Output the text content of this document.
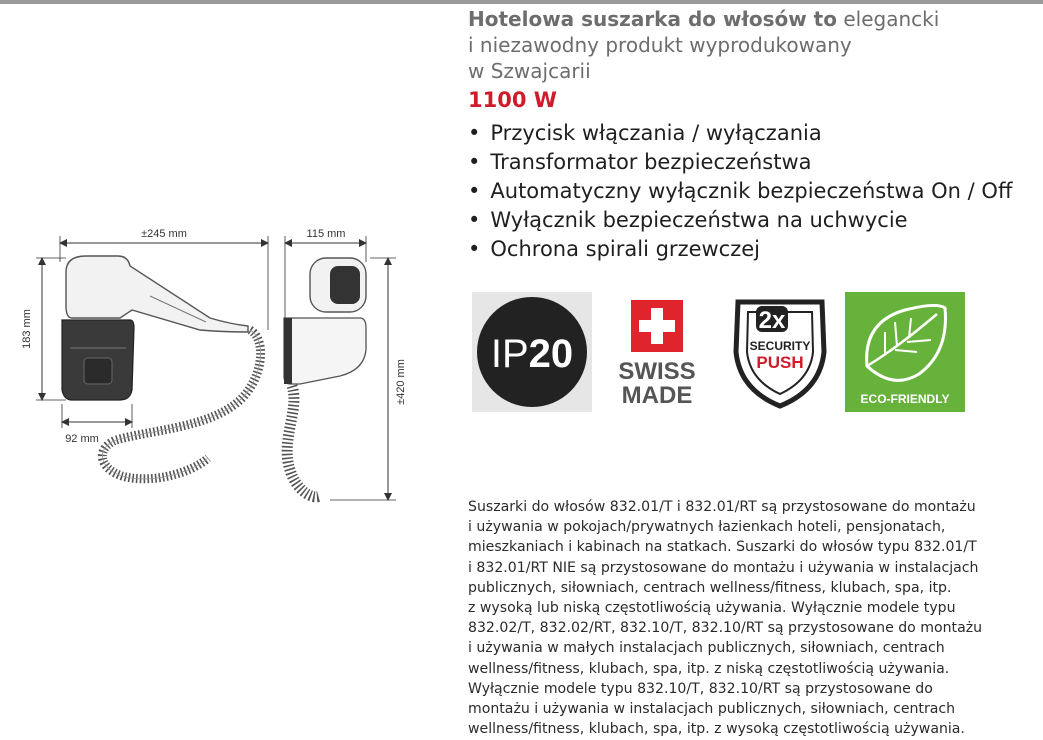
±245 mm
183 mm
92 mm
115 mm
±420 mm
Hotelowa suszarka do włosów to elegancki
i niezawodny produkt wyprodukowany
w Szwajcarii
1100 W
• Przycisk włączania / wyłączania
• Transformator bezpieczeństwa
• Automatyczny wyłącznik bezpieczeństwa On / Off
• Wyłącznik bezpieczeństwa na uchwycie
• Ochrona spirali grzewczej
IP20 SWISS
MADE
2x
SECURITY
PUSH
ECO-FRIENDLY

Suszarki do włosów 832.01/T i 832.01/RT są przystosowane do montażu

i używania w pokojach/prywatnych łazienkach hoteli, pensjonatach,

mieszkaniach i kabinach na statkach. Suszarki do włosów typu 832.01/T

i 832.01/RT NIE są przystosowane do montażu i używania w instalacjach

publicznych, siłowniach, centrach wellness/fitness, klubach, spa, itp.

z wysoką lub niską częstotliwością używania. Wyłącznie modele typu

832.02/T, 832.02/RT, 832.10/T, 832.10/RT są przystosowane do montażu

i używania w małych instalacjach publicznych, siłowniach, centrach

wellness/fitness, klubach, spa, itp. z niską częstotliwością używania.

Wyłącznie modele typu 832.10/T, 832.10/RT są przystosowane do

montażu i używania w instalacjach publicznych, siłowniach, centrach

wellness/fitness, klubach, spa, itp. z wysoką częstotliwością używania.
